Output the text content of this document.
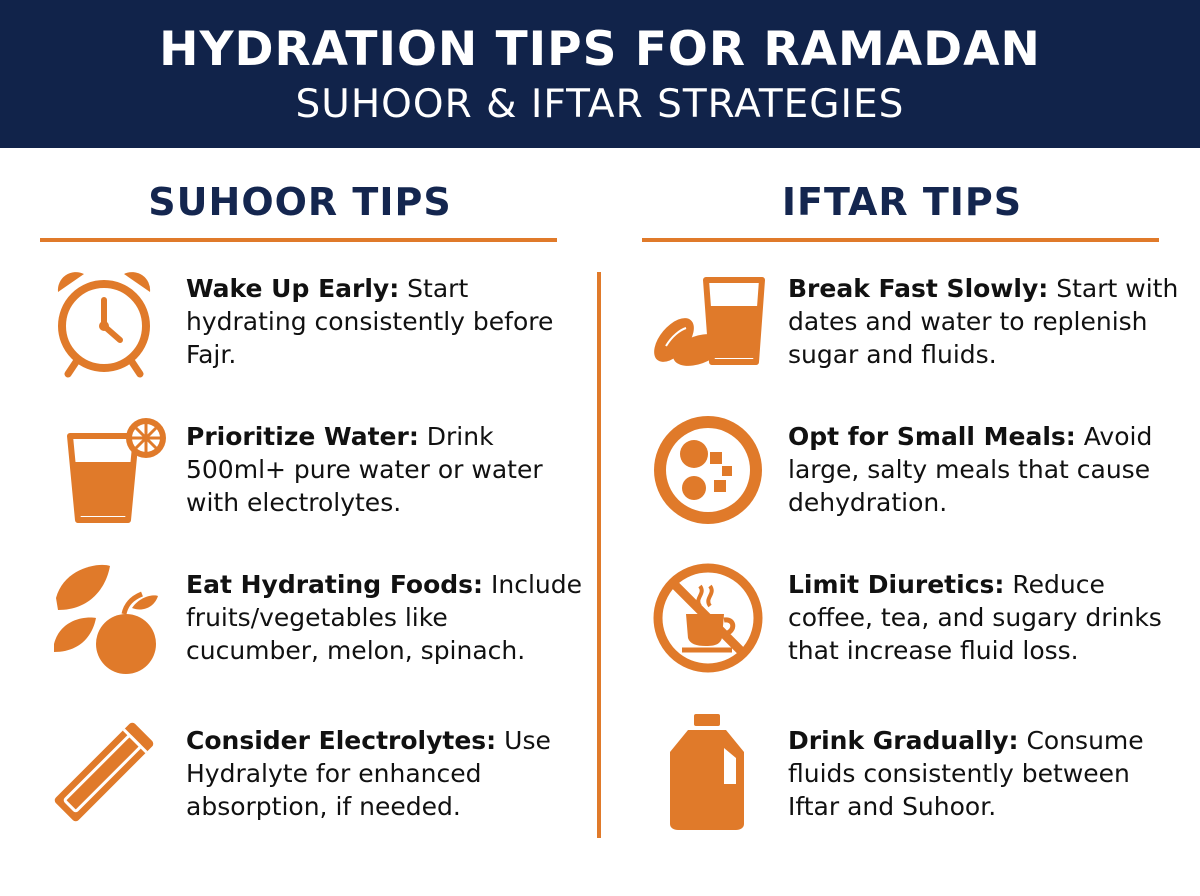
HYDRATION TIPS FOR RAMADAN
SUHOOR & IFTAR STRATEGIES
SUHOOR TIPS	IFTAR TIPS
Wake Up Early: Start hydrating consistently before Fajr.
Prioritize Water: Drink 500ml+ pure water or water with electrolytes.
Eat Hydrating Foods: Include fruits/vegetables like cucumber, melon, spinach.
Consider Electrolytes: Use Hydralyte for enhanced absorption, if needed.
Break Fast Slowly: Start with dates and water to replenish sugar and fluids.
Opt for Small Meals: Avoid large, salty meals that cause dehydration.
Limit Diuretics: Reduce coffee, tea, and sugary drinks that increase fluid loss.
Drink Gradually: Consume fluids consistently between Iftar and Suhoor.
